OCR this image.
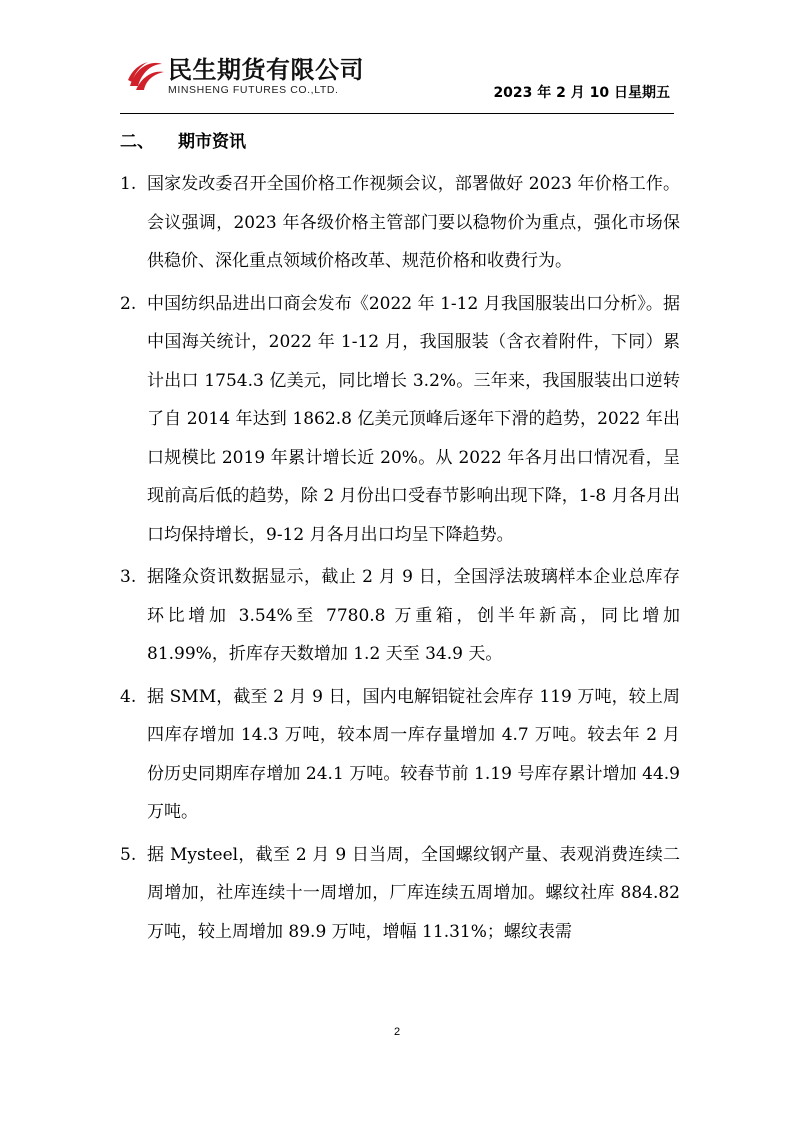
民生期货有限公司
MINSHENG FUTURES CO.,LTD.	2023 年 2 月 10 日星期五
二、 期市资讯
1. 国家发改委召开全国价格工作视频会议，部署做好 2023 年价格工作。会议强调，2023 年各级价格主管部门要以稳物价为重点，强化市场保供稳价、深化重点领域价格改革、规范价格和收费行为。
2. 中国纺织品进出口商会发布《2022 年 1-12 月我国服装出口分析》。据中国海关统计，2022 年 1-12 月，我国服装（含衣着附件，下同）累计出口 1754.3 亿美元，同比增长 3.2%。三年来，我国服装出口逆转了自 2014 年达到 1862.8 亿美元顶峰后逐年下滑的趋势，2022 年出口规模比 2019 年累计增长近 20%。从 2022 年各月出口情况看，呈现前高后低的趋势，除 2 月份出口受春节影响出现下降，1-8 月各月出口均保持增长，9-12 月各月出口均呈下降趋势。
3. 据隆众资讯数据显示，截止 2 月 9 日，全国浮法玻璃样本企业总库存环比增加 3.54%至 7780.8 万重箱，创半年新高，同比增加 81.99%，折库存天数增加 1.2 天至 34.9 天。
4. 据 SMM，截至 2 月 9 日，国内电解铝锭社会库存 119 万吨，较上周四库存增加 14.3 万吨，较本周一库存量增加 4.7 万吨。较去年 2 月份历史同期库存增加 24.1 万吨。较春节前 1.19 号库存累计增加 44.9 万吨。
5. 据 Mysteel，截至 2 月 9 日当周，全国螺纹钢产量、表观消费连续二周增加，社库连续十一周增加，厂库连续五周增加。螺纹社库 884.82 万吨，较上周增加 89.9 万吨，增幅 11.31%；螺纹表需
2
